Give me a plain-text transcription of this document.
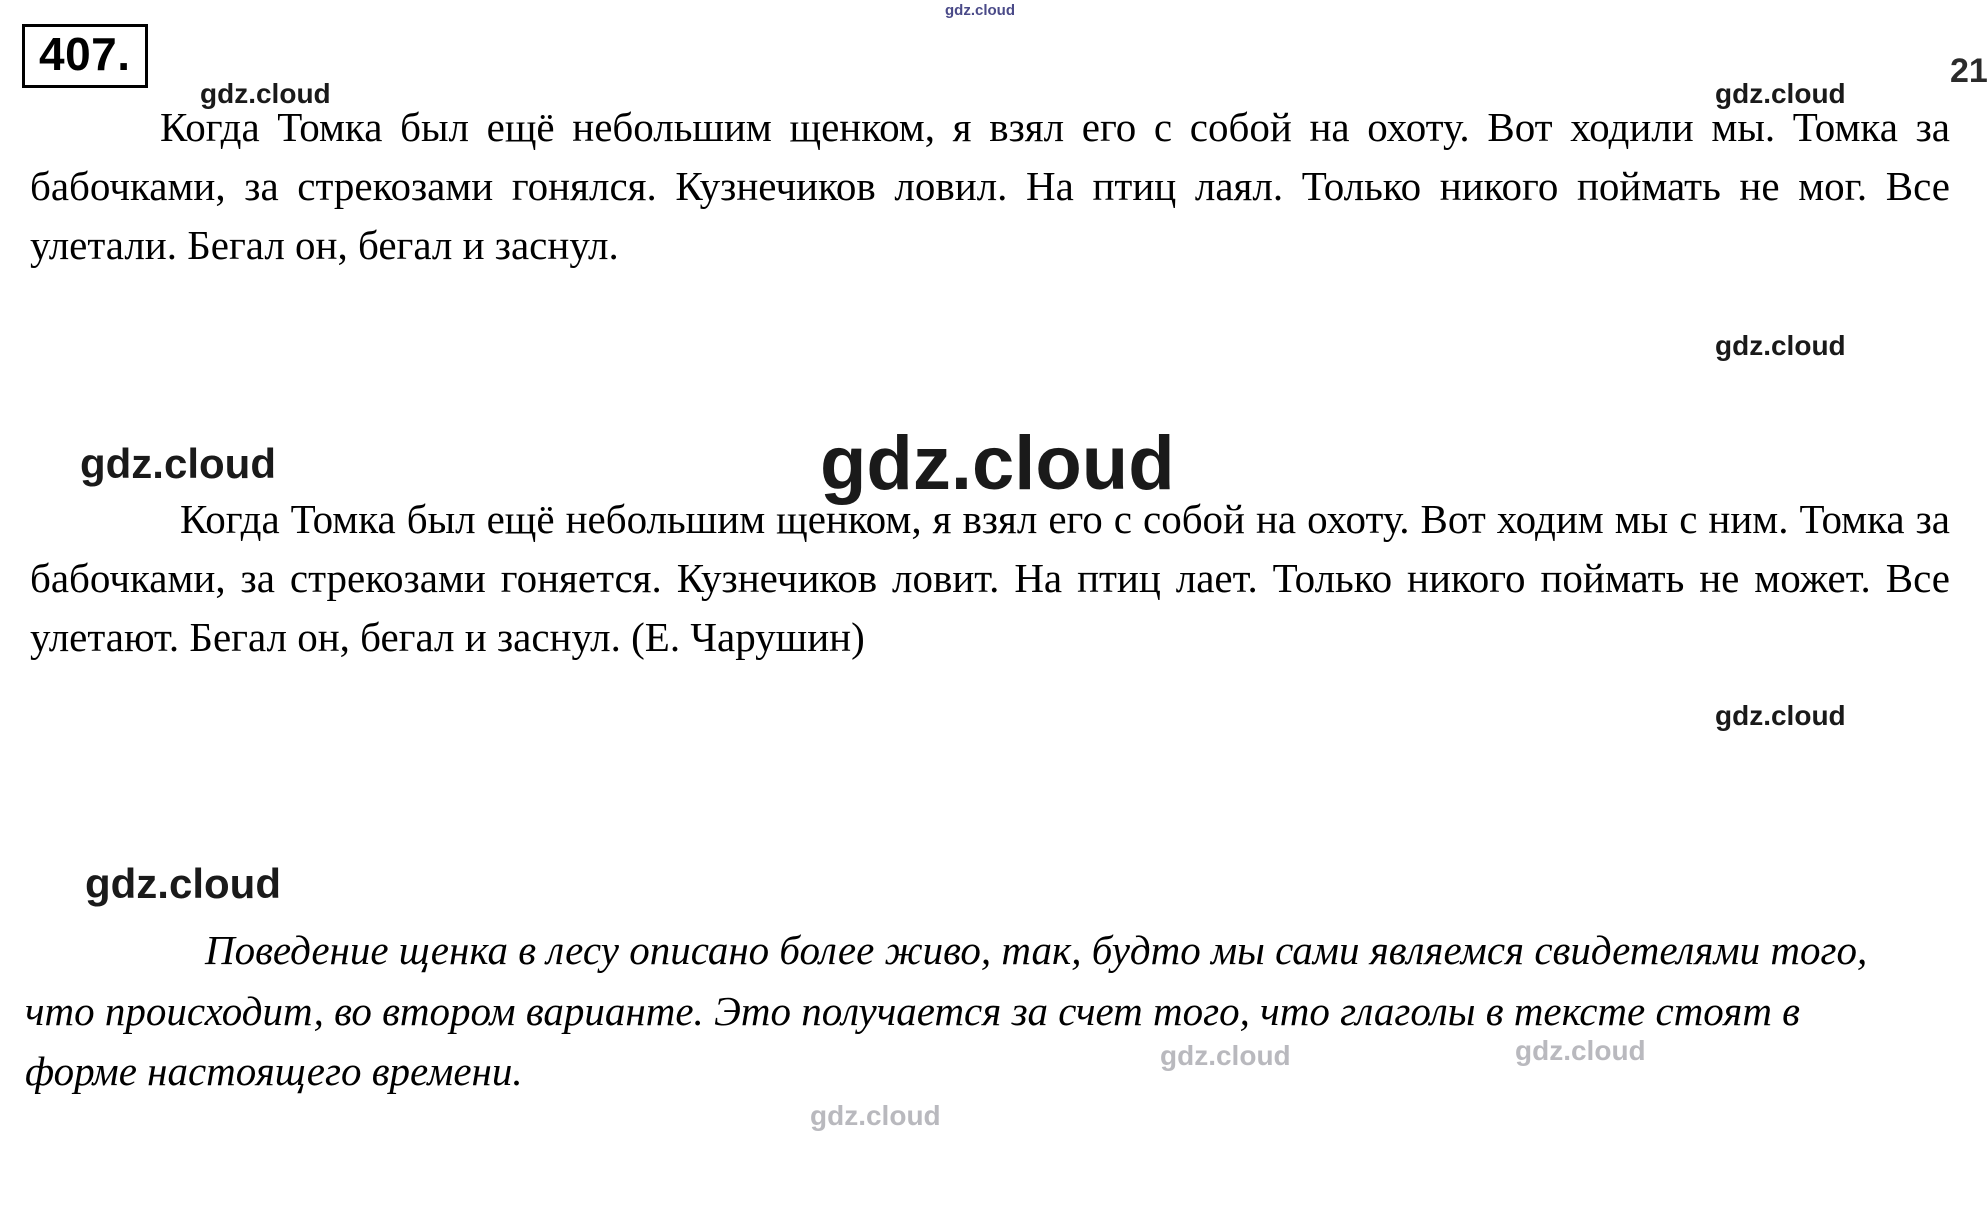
407.	21
Когда Томка был ещё небольшим щенком, я взял его с собой на охоту. Вот ходили мы. Томка за бабочками, за стрекозами гонялся. Кузнечиков ловил. На птиц лаял. Только никого поймать не мог. Все улетали. Бегал он, бегал и заснул.
Когда Томка был ещё небольшим щенком, я взял его с собой на охоту. Вот ходим мы с ним. Томка за бабочками, за стрекозами гоняется. Кузнечиков ловит. На птиц лает. Только никого поймать не может. Все улетают. Бегал он, бегал и заснул. (Е. Чарушин)
Поведение щенка в лесу описано более живо, так, будто мы сами являемся свидетелями того, что происходит, во втором варианте. Это получается за счет того, что глаголы в тексте стоят в форме настоящего времени.
gdz.cloud
gdz.cloud	gdz.cloud
gdz.cloud
gdz.cloud	gdz.cloud
gdz.cloud
gdz.cloud
gdz.cloud	gdz.cloud
gdz.cloud
